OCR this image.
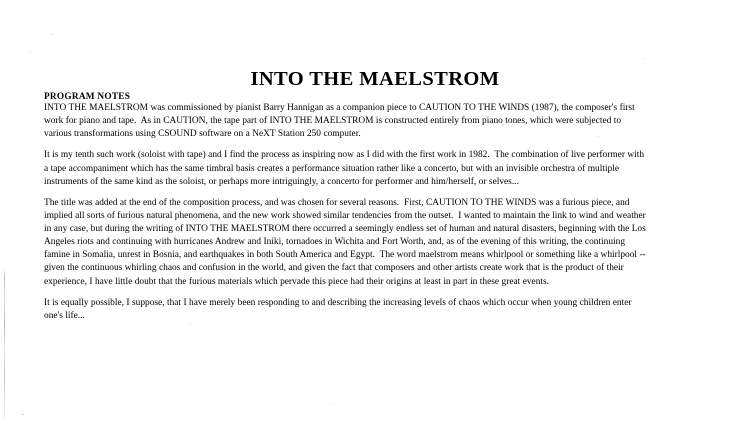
INTO THE MAELSTROM
PROGRAM NOTES

INTO THE MAELSTROM was commissioned by pianist Barry Hannigan as a companion piece to CAUTION TO THE WINDS (1987), the composer's first work for piano and tape.  As in CAUTION, the tape part of INTO THE MAELSTROM is constructed entirely from piano tones, which were subjected to various transformations using CSOUND software on a NeXT Station 250 computer.

It is my tenth such work (soloist with tape) and I find the process as inspiring now as I did with the first work in 1982.  The combination of live performer with a tape accompaniment which has the same timbral basis creates a performance situation rather like a concerto, but with an invisible orchestra of multiple instruments of the same kind as the soloist, or perhaps more intriguingly, a concerto for performer and him/herself, or selves...

The title was added at the end of the composition process, and was chosen for several reasons.  First, CAUTION TO THE WINDS was a furious piece, and implied all sorts of furious natural phenomena, and the new work showed similar tendencies from the outset.  I wanted to maintain the link to wind and weather in any case, but during the writing of INTO THE MAELSTROM there occurred a seemingly endless set of human and natural disasters, beginning with the Los Angeles riots and continuing with hurricanes Andrew and Iniki, tornadoes in Wichita and Fort Worth, and, as of the evening of this writing, the continuing famine in Somalia, unrest in Bosnia, and earthquakes in both South America and Egypt.  The word maelstrom means whirlpool or something like a whirlpool -- given the continuous whirling chaos and confusion in the world, and given the fact that composers and other artists create work that is the product of their experience, I have little doubt that the furious materials which pervade this piece had their origins at least in part in these great events.

It is equally possible, I suppose, that I have merely been responding to and describing the increasing levels of chaos which occur when young children enter one's life...
